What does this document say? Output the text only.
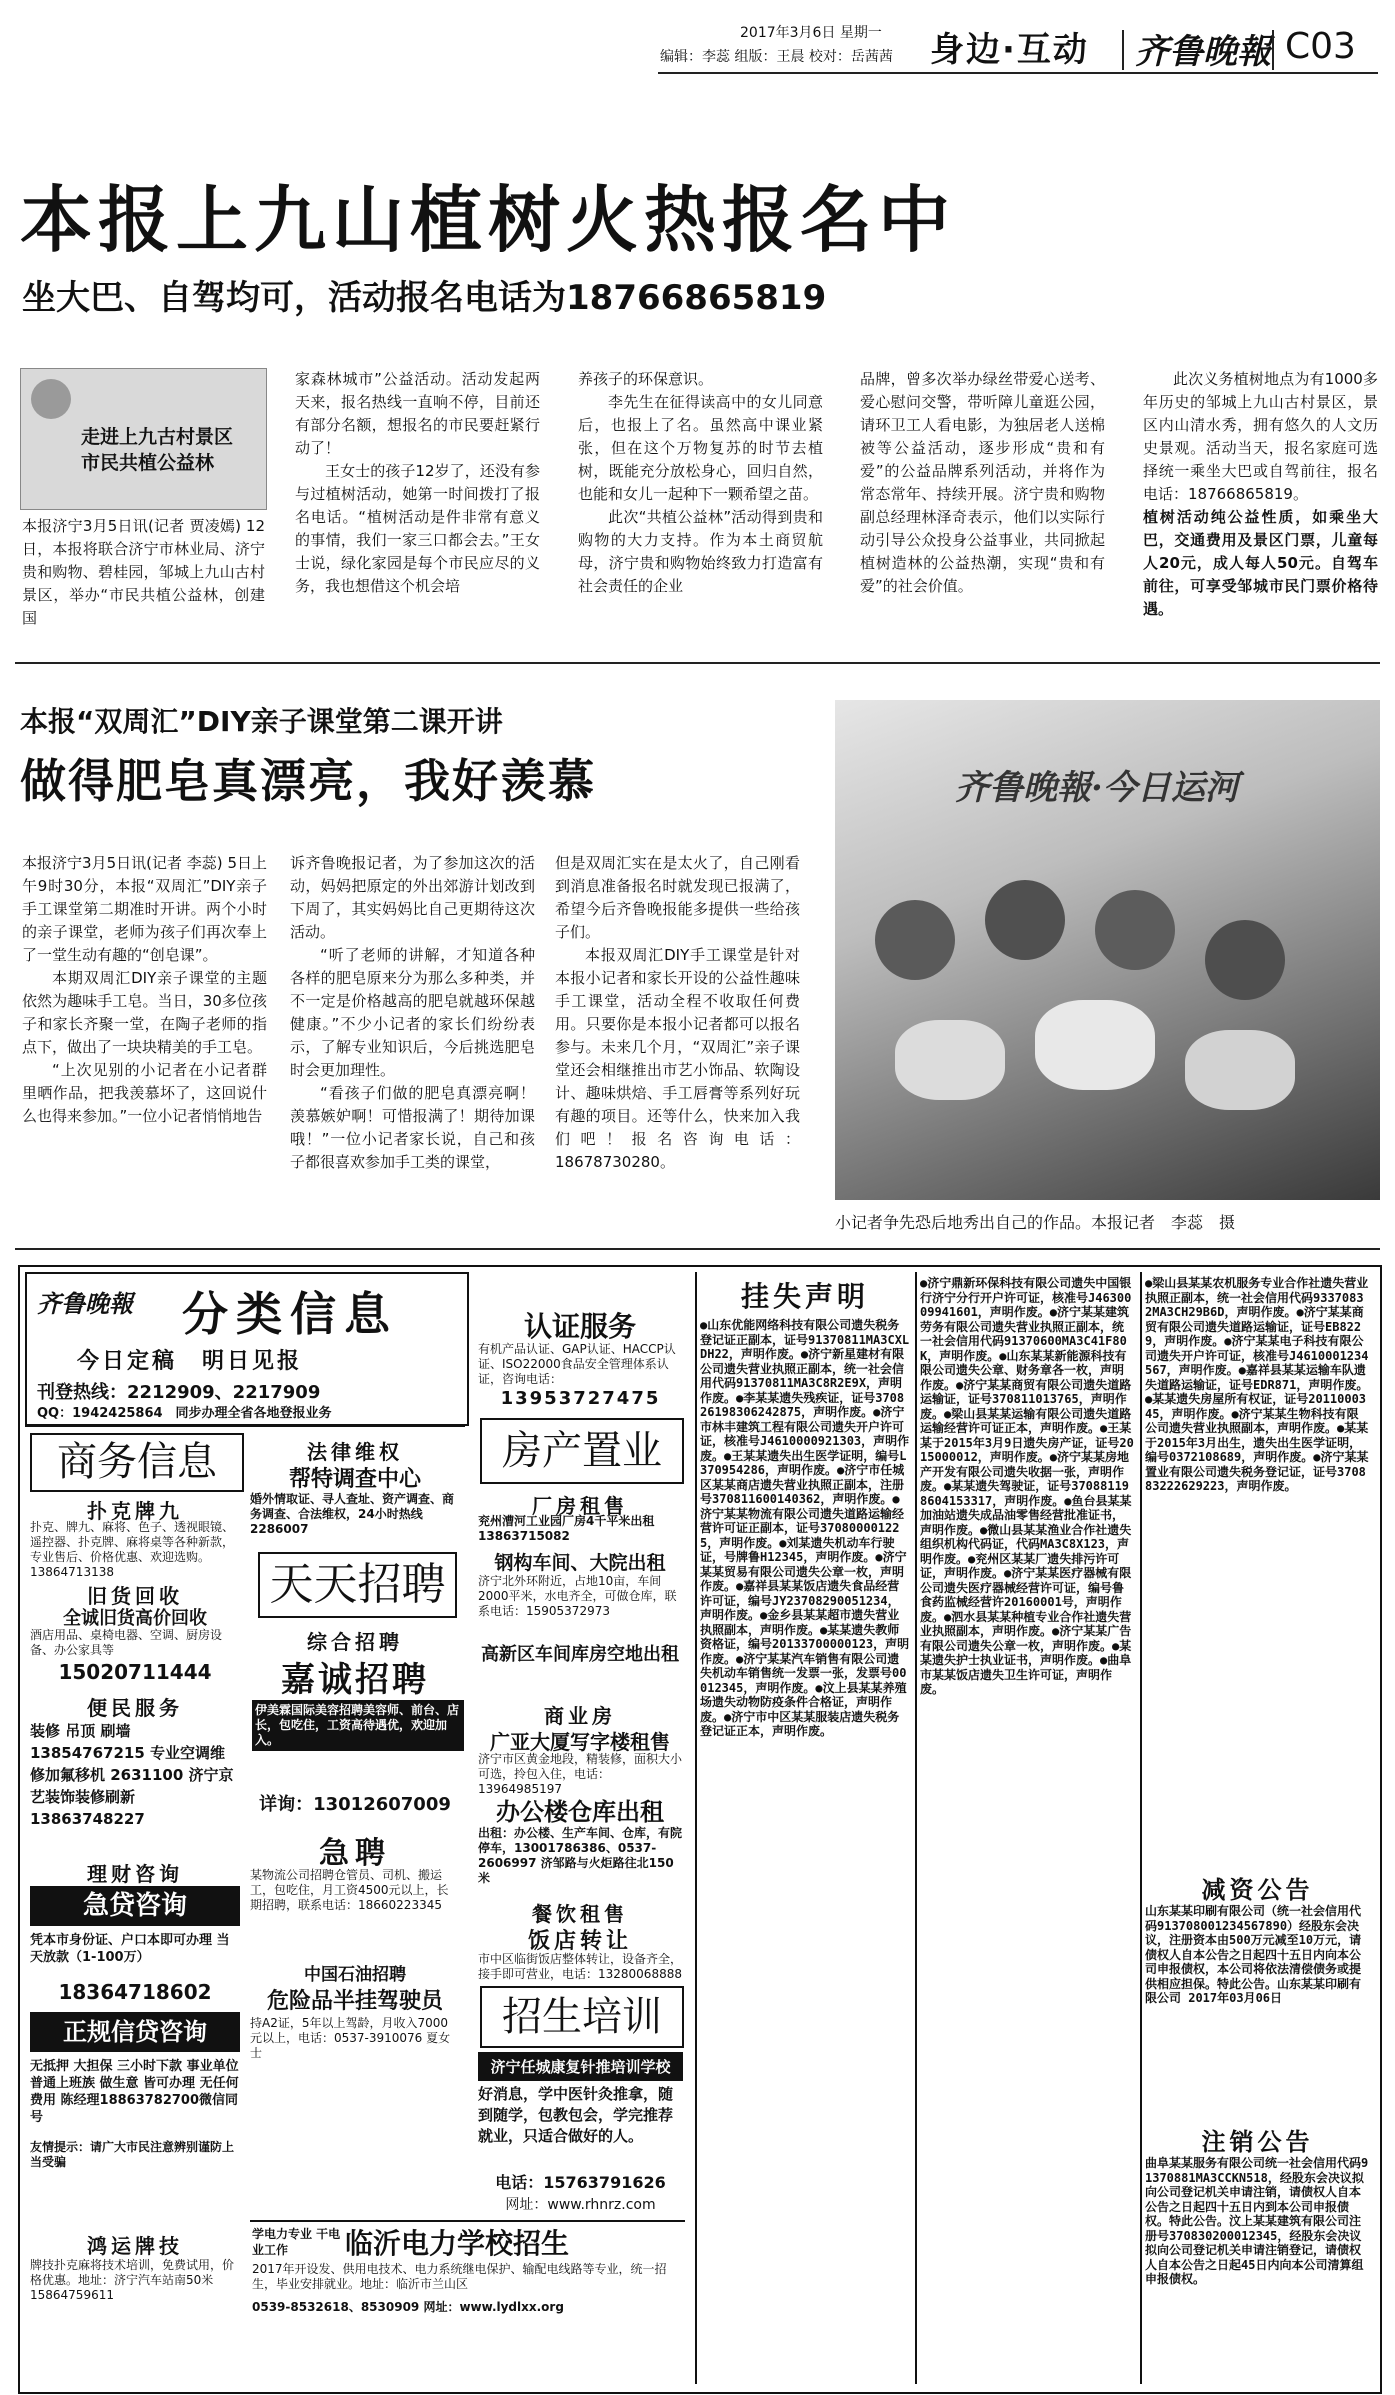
2017年3月6日 星期一
编辑：李蕊 组版：王晨 校对：岳茜茜 身边·互动 齐鲁晚報 C03
本报上九山植树火热报名中
坐大巴、自驾均可，活动报名电话为18766865819
走进上九古村景区 市民共植公益林

本报济宁3月5日讯(记者 贾凌嫣) 12日，本报将联合济宁市林业局、济宁贵和购物、碧桂园，邹城上九山古村景区，举办“市民共植公益林，创建国

家森林城市”公益活动。活动发起两天来，报名热线一直响不停，目前还有部分名额，想报名的市民要赶紧行动了！

王女士的孩子12岁了，还没有参与过植树活动，她第一时间拨打了报名电话。“植树活动是件非常有意义的事情，我们一家三口都会去。”王女士说，绿化家园是每个市民应尽的义务，我也想借这个机会培

养孩子的环保意识。

李先生在征得读高中的女儿同意后，也报上了名。虽然高中课业紧张，但在这个万物复苏的时节去植树，既能充分放松身心，回归自然，也能和女儿一起种下一颗希望之苗。

此次“共植公益林”活动得到贵和购物的大力支持。作为本土商贸航母，济宁贵和购物始终致力打造富有社会责任的企业

品牌，曾多次举办绿丝带爱心送考、爱心慰问交警，带听障儿童逛公园，请环卫工人看电影，为独居老人送棉被等公益活动，逐步形成“贵和有爱”的公益品牌系列活动，并将作为常态常年、持续开展。济宁贵和购物副总经理林泽奇表示，他们以实际行动引导公众投身公益事业，共同掀起植树造林的公益热潮，实现“贵和有爱”的社会价值。

此次义务植树地点为有1000多年历史的邹城上九山古村景区，景区内山清水秀，拥有悠久的人文历史景观。活动当天，报名家庭可选择统一乘坐大巴或自驾前往，报名电话：18766865819。

植树活动纯公益性质，如乘坐大巴，交通费用及景区门票，儿童每人20元，成人每人50元。自驾车前往，可享受邹城市民门票价格待遇。

本报“双周汇”DIY亲子课堂第二课开讲
做得肥皂真漂亮，我好羡慕

本报济宁3月5日讯(记者 李蕊) 5日上午9时30分，本报“双周汇”DIY亲子手工课堂第二期准时开讲。两个小时的亲子课堂，老师为孩子们再次奉上了一堂生动有趣的“创皂课”。

本期双周汇DIY亲子课堂的主题依然为趣味手工皂。当日，30多位孩子和家长齐聚一堂，在陶子老师的指点下，做出了一块块精美的手工皂。

“上次见别的小记者在小记者群里晒作品，把我羡慕坏了，这回说什么也得来参加。”一位小记者悄悄地告

诉齐鲁晚报记者，为了参加这次的活动，妈妈把原定的外出郊游计划改到下周了，其实妈妈比自己更期待这次活动。

“听了老师的讲解，才知道各种各样的肥皂原来分为那么多种类，并不一定是价格越高的肥皂就越环保越健康。”不少小记者的家长们纷纷表示，了解专业知识后，今后挑选肥皂时会更加理性。

“看孩子们做的肥皂真漂亮啊！羡慕嫉妒啊！可惜报满了！期待加课哦！”一位小记者家长说，自己和孩子都很喜欢参加手工类的课堂，

但是双周汇实在是太火了，自己刚看到消息准备报名时就发现已报满了，希望今后齐鲁晚报能多提供一些给孩子们。

本报双周汇DIY手工课堂是针对本报小记者和家长开设的公益性趣味手工课堂，活动全程不收取任何费用。只要你是本报小记者都可以报名参与。未来几个月，“双周汇”亲子课堂还会相继推出市艺小饰品、软陶设计、趣味烘焙、手工唇膏等系列好玩有趣的项目。还等什么，快来加入我们吧！报名咨询电话：18678730280。

齐鲁晚報·今日运河
小记者争先恐后地秀出自己的作品。本报记者　李蕊　摄
齐鲁晚報 分类信息
今日定稿　明日见报
刊登热线：2212909、2217909
QQ：1942425864　同步办理全省各地登报业务
商务信息
扑克牌九
扑克、牌九、麻将、色子、透视眼镜、遥控器、扑克牌、麻将桌等各种新款，专业售后、价格优惠、欢迎选购。13864713138
旧货回收
全诚旧货高价回收
酒店用品、桌椅电器、空调、厨房设备、办公家具等
15020711444
便民服务
装修 吊顶 刷墙 13854767215 专业空调维修加氟移机 2631100 济宁京艺装饰装修刷新 13863748227
理财咨询
急贷咨询
凭本市身份证、户口本即可办理 当天放款（1-100万）
18364718602
正规信贷咨询
无抵押 大担保 三小时下款 事业单位 普通上班族 做生意 皆可办理 无任何费用 陈经理18863782700微信同号
友情提示：请广大市民注意辨别谨防上当受骗
鸿运牌技
牌技扑克麻将技术培训，免费试用，价格优惠。地址：济宁汽车站南50米 15864759611
法律维权
帮特调查中心
婚外情取证、寻人查址、资产调查、商务调查、合法维权，24小时热线2286007
天天招聘
综合招聘
嘉诚招聘
伊美霖国际美容招聘美容师、前台、店长，包吃住，工资高待遇优，欢迎加入。
详询：13012607009
急聘
某物流公司招聘仓管员、司机、搬运工，包吃住，月工资4500元以上，长期招聘，联系电话：18660223345
中国石油招聘
危险品半挂驾驶员
持A2证，5年以上驾龄，月收入7000元以上，电话：0537-3910076 夏女士
认证服务
有机产品认证、GAP认证、HACCP认证、ISO22000食品安全管理体系认证，咨询电话：
13953727475
房产置业
厂房租售
兖州漕河工业园厂房4千平米出租 13863715082
钢构车间、大院出租
济宁北外环附近，占地10亩，车间2000平米，水电齐全，可做仓库，联系电话：15905372973
高新区车间库房空地出租
商业房
广亚大厦写字楼租售
济宁市区黄金地段，精装修，面积大小可选，拎包入住，电话：13964985197
办公楼仓库出租
出租：办公楼、生产车间、仓库，有院停车，13001786386、0537-2606997 济邹路与火炬路往北150米
餐饮租售
饭店转让
市中区临街饭店整体转让，设备齐全，接手即可营业，电话：13280068888
招生培训
济宁任城康复针推培训学校
好消息，学中医针灸推拿，随到随学，包教包会，学完推荐就业，只适合做好的人。
电话：15763791626
网址：www.rhnrz.com
学电力专业 干电业工作	临沂电力学校招生
2017年开设发、供用电技术、电力系统继电保护、输配电线路等专业，统一招生，毕业安排就业。地址：临沂市兰山区
0539-8532618、8530909 网址：www.lydlxx.org
挂失声明
●山东优能网络科技有限公司遗失税务登记证正副本，证号91370811MA3CXLDH22，声明作废。●济宁新星建材有限公司遗失营业执照正副本，统一社会信用代码91370811MA3C8R2E9X，声明作废。●李某某遗失残疾证，证号370826198306242875，声明作废。●济宁市林丰建筑工程有限公司遗失开户许可证，核准号J4610000921303，声明作废。●王某某遗失出生医学证明，编号L370954286，声明作废。●济宁市任城区某某商店遗失营业执照正副本，注册号370811600140362，声明作废。●济宁某某物流有限公司遗失道路运输经营许可证正副本，证号370800001225，声明作废。●刘某遗失机动车行驶证，号牌鲁H12345，声明作废。●济宁某某贸易有限公司遗失公章一枚，声明作废。●嘉祥县某某饭店遗失食品经营许可证，编号JY23708290051234，声明作废。●金乡县某某超市遗失营业执照副本，声明作废。●某某遗失教师资格证，编号20133700000123，声明作废。●济宁某某汽车销售有限公司遗失机动车销售统一发票一张，发票号00012345，声明作废。●汶上县某某养殖场遗失动物防疫条件合格证，声明作废。●济宁市中区某某服装店遗失税务登记证正本，声明作废。
●济宁鼎新环保科技有限公司遗失中国银行济宁分行开户许可证，核准号J4630009941601，声明作废。●济宁某某建筑劳务有限公司遗失营业执照正副本，统一社会信用代码91370600MA3C41F80K，声明作废。●山东某某新能源科技有限公司遗失公章、财务章各一枚，声明作废。●济宁某某商贸有限公司遗失道路运输证，证号370811013765，声明作废。●梁山县某某运输有限公司遗失道路运输经营许可证正本，声明作废。●王某某于2015年3月9日遗失房产证，证号2015000012，声明作废。●济宁某某房地产开发有限公司遗失收据一张，声明作废。●某某遗失驾驶证，证号370881198604153317，声明作废。●鱼台县某某加油站遗失成品油零售经营批准证书，声明作废。●微山县某某渔业合作社遗失组织机构代码证，代码MA3C8X123，声明作废。●兖州区某某厂遗失排污许可证，声明作废。●济宁某某医疗器械有限公司遗失医疗器械经营许可证，编号鲁食药监械经营许20160001号，声明作废。●泗水县某某种植专业合作社遗失营业执照副本，声明作废。●济宁某某广告有限公司遗失公章一枚，声明作废。●某某遗失护士执业证书，声明作废。●曲阜市某某饭店遗失卫生许可证，声明作废。
●梁山县某某农机服务专业合作社遗失营业执照正副本，统一社会信用代码93370832MA3CH29B6D，声明作废。●济宁某某商贸有限公司遗失道路运输证，证号EB8229，声明作废。●济宁某某电子科技有限公司遗失开户许可证，核准号J4610001234567，声明作废。●嘉祥县某某运输车队遗失道路运输证，证号EDR871，声明作废。●某某遗失房屋所有权证，证号2011000345，声明作废。●济宁某某生物科技有限公司遗失营业执照副本，声明作废。●某某于2015年3月出生，遗失出生医学证明，编号0372108689，声明作废。●济宁某某置业有限公司遗失税务登记证，证号370883222629223，声明作废。
减资公告
山东某某印刷有限公司（统一社会信用代码913708001234567890）经股东会决议，注册资本由500万元减至10万元，请债权人自本公告之日起四十五日内向本公司申报债权，本公司将依法清偿债务或提供相应担保。特此公告。山东某某印刷有限公司 2017年03月06日
注销公告
曲阜某某服务有限公司统一社会信用代码91370881MA3CCKN518，经股东会决议拟向公司登记机关申请注销，请债权人自本公告之日起四十五日内到本公司申报债权。特此公告。汶上某某建筑有限公司注册号370830200012345，经股东会决议拟向公司登记机关申请注销登记，请债权人自本公告之日起45日内向本公司清算组申报债权。
